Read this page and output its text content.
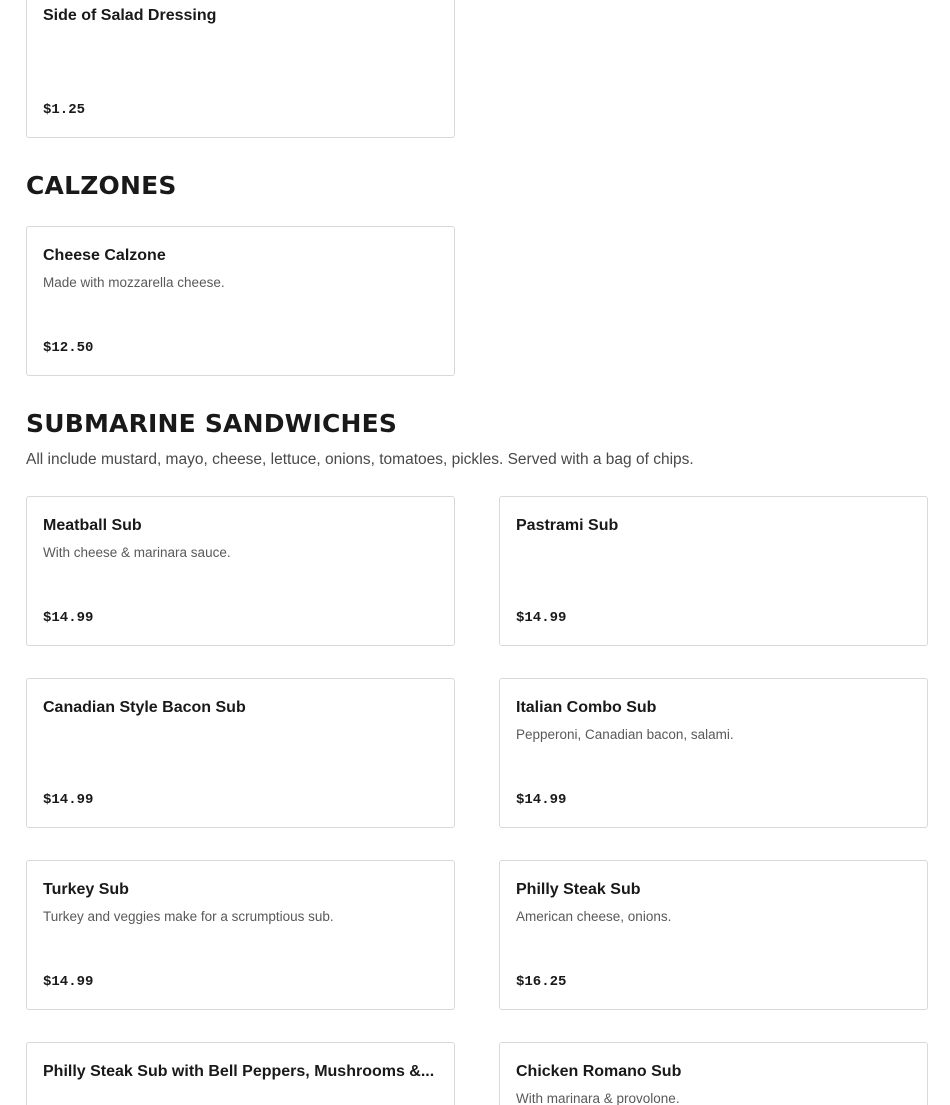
Side of Salad Dressing
$1.25
CALZONES
Cheese Calzone
Made with mozzarella cheese.
$12.50
SUBMARINE SANDWICHES
All include mustard, mayo, cheese, lettuce, onions, tomatoes, pickles. Served with a bag of chips.
Meatball Sub
With cheese & marinara sauce.
$14.99
Pastrami Sub
$14.99
Canadian Style Bacon Sub
$14.99
Italian Combo Sub
Pepperoni, Canadian bacon, salami.
$14.99
Turkey Sub
Turkey and veggies make for a scrumptious sub.
$14.99
Philly Steak Sub
American cheese, onions.
$16.25
Philly Steak Sub with Bell Peppers, Mushrooms &...	Chicken Romano Sub
With marinara & provolone.
